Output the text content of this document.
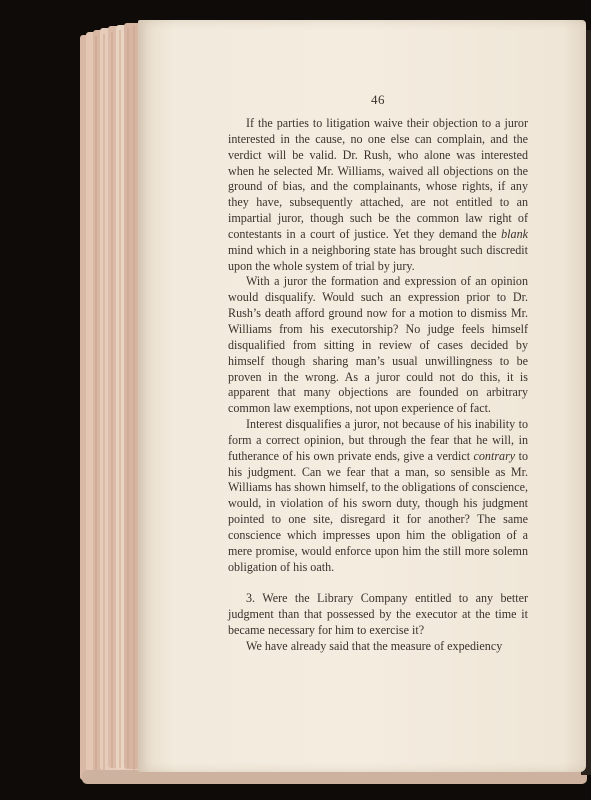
46

If the parties to litigation waive their objection to a juror interested in the cause, no one else can complain, and the verdict will be valid. Dr. Rush, who alone was interested when he selected Mr. Williams, waived all objections on the ground of bias, and the complainants, whose rights, if any they have, subsequently attached, are not entitled to an impartial juror, though such be the common law right of contestants in a court of justice. Yet they demand the blank mind which in a neighboring state has brought such discredit upon the whole system of trial by jury.

With a juror the formation and expression of an opinion would disqualify. Would such an expression prior to Dr. Rush’s death afford ground now for a motion to dismiss Mr. Williams from his executorship? No judge feels himself disqualified from sitting in review of cases decided by himself though sharing man’s usual unwillingness to be proven in the wrong. As a juror could not do this, it is apparent that many objections are founded on arbitrary common law exemptions, not upon experience of fact.

Interest disqualifies a juror, not because of his inability to form a correct opinion, but through the fear that he will, in futherance of his own private ends, give a verdict contrary to his judgment. Can we fear that a man, so sensible as Mr. Williams has shown himself, to the obligations of conscience, would, in violation of his sworn duty, though his judgment pointed to one site, disregard it for another? The same conscience which impresses upon him the obligation of a mere promise, would enforce upon him the still more solemn obligation of his oath.

3. Were the Library Company entitled to any better judgment than that possessed by the executor at the time it became necessary for him to exercise it?

We have already said that the measure of expediency
